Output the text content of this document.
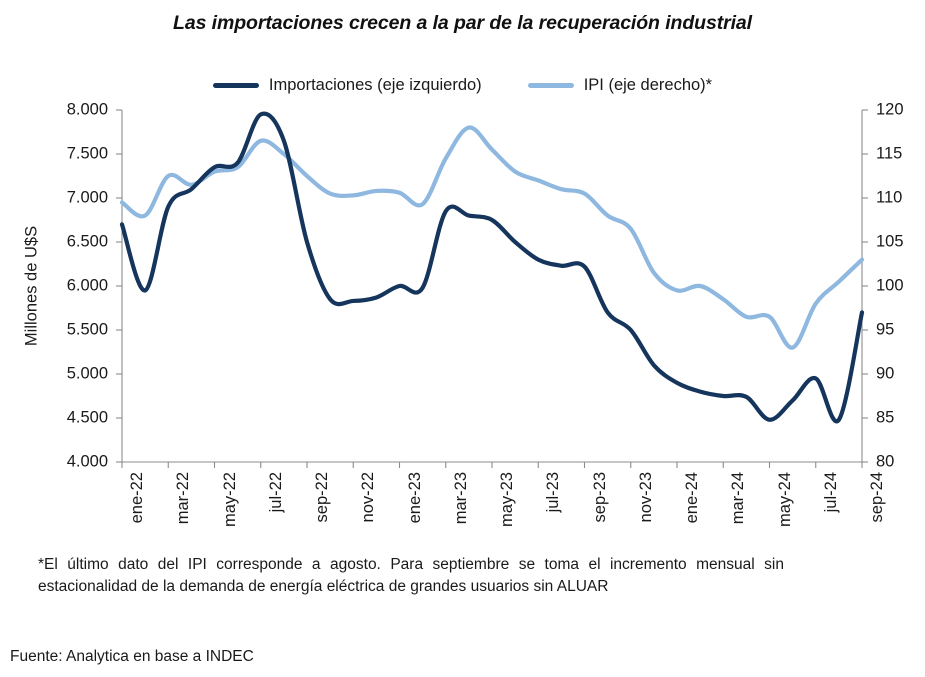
Las importaciones crecen a la par de la recuperación industrial
Importaciones (eje izquierdo)	IPI (eje derecho)*
Millones de U$S
4.000
4.500
5.000
5.500
6.000
6.500
7.000
7.500
8.000
80
85
90
95
100
105
110
115
120
ene-22 mar-22 may-22 jul-22 sep-22 nov-22 ene-23 mar-23 may-23 jul-23 sep-23 nov-23 ene-24 mar-24 may-24 jul-24 sep-24
*El último dato del IPI corresponde a agosto. Para septiembre se toma el incremento mensual sin estacionalidad de la demanda de energía eléctrica de grandes usuarios sin ALUAR
Fuente: Analytica en base a INDEC
